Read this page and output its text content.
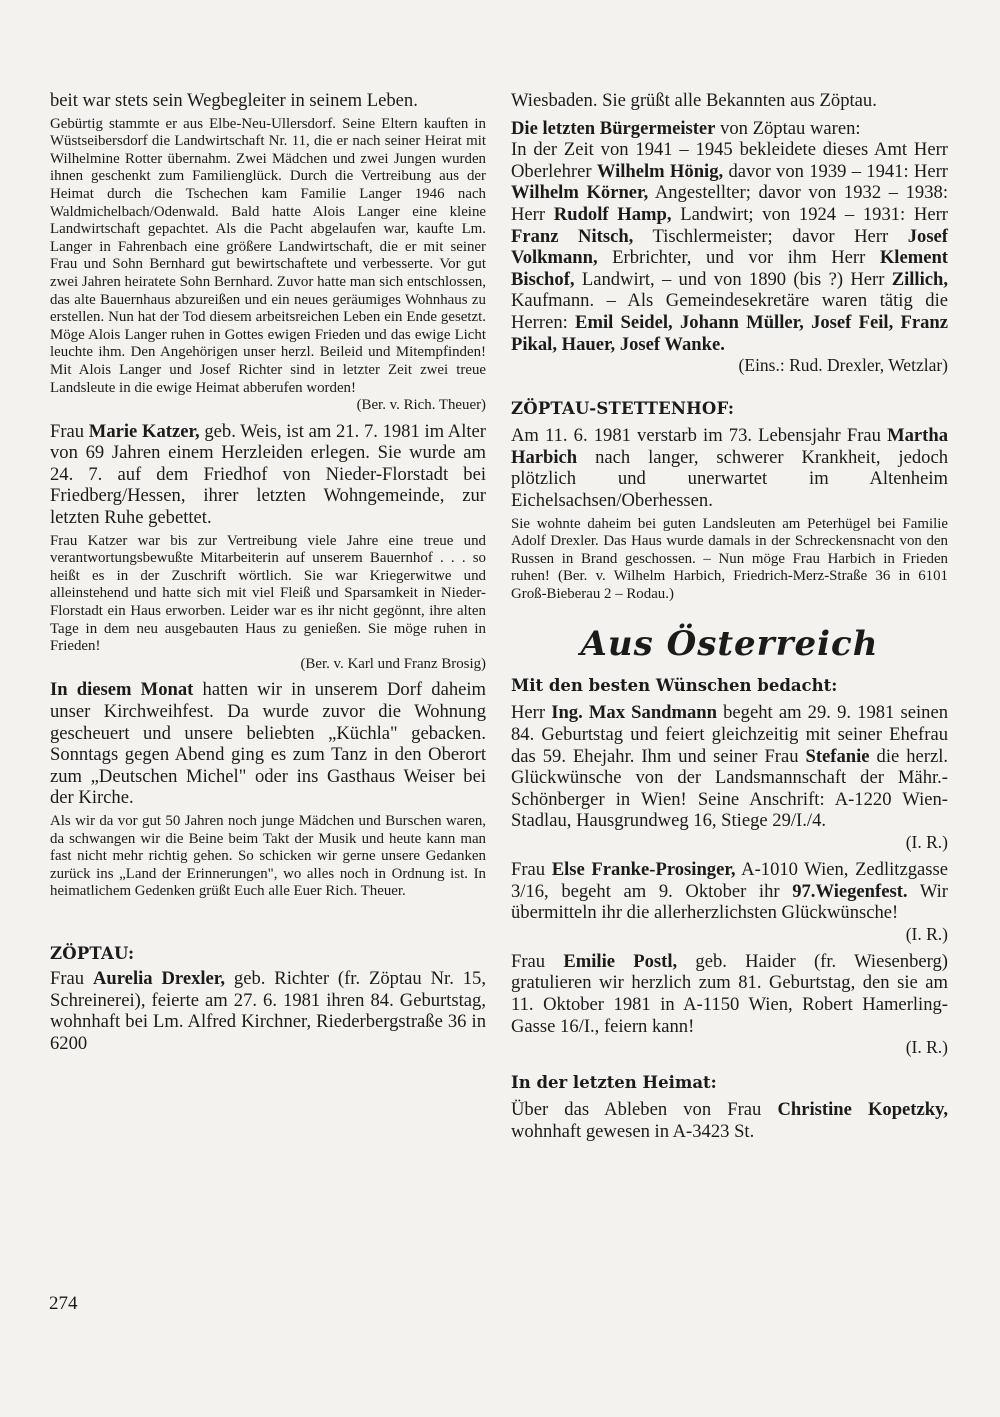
beit war stets sein Wegbegleiter in seinem Leben.

Gebürtig stammte er aus Elbe-Neu-Ullersdorf. Seine Eltern kauften in Wüstseibersdorf die Landwirtschaft Nr. 11, die er nach seiner Heirat mit Wilhelmine Rotter übernahm. Zwei Mädchen und zwei Jungen wurden ihnen geschenkt zum Familienglück. Durch die Vertreibung aus der Heimat durch die Tschechen kam Familie Langer 1946 nach Waldmichelbach/Odenwald. Bald hatte Alois Langer eine kleine Landwirtschaft gepachtet. Als die Pacht abgelaufen war, kaufte Lm. Langer in Fahrenbach eine größere Landwirtschaft, die er mit seiner Frau und Sohn Bernhard gut bewirtschaftete und verbesserte. Vor gut zwei Jahren heiratete Sohn Bernhard. Zuvor hatte man sich entschlossen, das alte Bauernhaus abzureißen und ein neues geräumiges Wohnhaus zu erstellen. Nun hat der Tod diesem arbeitsreichen Leben ein Ende gesetzt. Möge Alois Langer ruhen in Gottes ewigen Frieden und das ewige Licht leuchte ihm. Den Angehörigen unser herzl. Beileid und Mitempfinden! Mit Alois Langer und Josef Richter sind in letzter Zeit zwei treue Landsleute in die ewige Heimat abberufen worden!

(Ber. v. Rich. Theuer)

Frau Marie Katzer, geb. Weis, ist am 21. 7. 1981 im Alter von 69 Jahren einem Herzleiden erlegen. Sie wurde am 24. 7. auf dem Friedhof von Nieder-Florstadt bei Friedberg/Hessen, ihrer letzten Wohngemeinde, zur letzten Ruhe gebettet.

Frau Katzer war bis zur Vertreibung viele Jahre eine treue und verantwortungsbewußte Mitarbeiterin auf unserem Bauernhof . . . so heißt es in der Zuschrift wörtlich. Sie war Kriegerwitwe und alleinstehend und hatte sich mit viel Fleiß und Sparsamkeit in Nieder-Florstadt ein Haus erworben. Leider war es ihr nicht gegönnt, ihre alten Tage in dem neu ausgebauten Haus zu genießen. Sie möge ruhen in Frieden!

(Ber. v. Karl und Franz Brosig)

In diesem Monat hatten wir in unserem Dorf daheim unser Kirchweihfest. Da wurde zuvor die Wohnung gescheuert und unsere beliebten „Küchla" gebacken. Sonntags gegen Abend ging es zum Tanz in den Oberort zum „Deutschen Michel" oder ins Gasthaus Weiser bei der Kirche.

Als wir da vor gut 50 Jahren noch junge Mädchen und Burschen waren, da schwangen wir die Beine beim Takt der Musik und heute kann man fast nicht mehr richtig gehen. So schicken wir gerne unsere Gedanken zurück ins „Land der Erinnerungen", wo alles noch in Ordnung ist. In heimatlichem Gedenken grüßt Euch alle Euer Rich. Theuer.

ZÖPTAU:

Frau Aurelia Drexler, geb. Richter (fr. Zöptau Nr. 15, Schreinerei), feierte am 27. 6. 1981 ihren 84. Geburtstag, wohnhaft bei Lm. Alfred Kirchner, Riederbergstraße 36 in 6200

Wiesbaden. Sie grüßt alle Bekannten aus Zöptau.

Die letzten Bürgermeister von Zöptau waren:

In der Zeit von 1941 – 1945 bekleidete dieses Amt Herr Oberlehrer Wilhelm Hönig, davor von 1939 – 1941: Herr Wilhelm Körner, Angestellter; davor von 1932 – 1938: Herr Rudolf Hamp, Landwirt; von 1924 – 1931: Herr Franz Nitsch, Tischlermeister; davor Herr Josef Volkmann, Erbrichter, und vor ihm Herr Klement Bischof, Landwirt, – und von 1890 (bis ?) Herr Zillich, Kaufmann. – Als Gemeindesekretäre waren tätig die Herren: Emil Seidel, Johann Müller, Josef Feil, Franz Pikal, Hauer, Josef Wanke.

(Eins.: Rud. Drexler, Wetzlar)

ZÖPTAU-STETTENHOF:

Am 11. 6. 1981 verstarb im 73. Lebensjahr Frau Martha Harbich nach langer, schwerer Krankheit, jedoch plötzlich und unerwartet im Altenheim Eichelsachsen/Oberhessen.

Sie wohnte daheim bei guten Landsleuten am Peterhügel bei Familie Adolf Drexler. Das Haus wurde damals in der Schreckensnacht von den Russen in Brand geschossen. – Nun möge Frau Harbich in Frieden ruhen! (Ber. v. Wilhelm Harbich, Friedrich-Merz-Straße 36 in 6101 Groß-Bieberau 2 – Rodau.)

Aus Österreich

Mit den besten Wünschen bedacht:

Herr Ing. Max Sandmann begeht am 29. 9. 1981 seinen 84. Geburtstag und feiert gleichzeitig mit seiner Ehefrau das 59. Ehejahr. Ihm und seiner Frau Stefanie die herzl. Glückwünsche von der Landsmannschaft der Mähr.-Schönberger in Wien! Seine Anschrift: A-1220 Wien-Stadlau, Hausgrundweg 16, Stiege 29/I./4.

(I. R.)

Frau Else Franke-Prosinger, A-1010 Wien, Zedlitzgasse 3/16, begeht am 9. Oktober ihr 97.Wiegenfest. Wir übermitteln ihr die allerherzlichsten Glückwünsche!

(I. R.)

Frau Emilie Postl, geb. Haider (fr. Wiesenberg) gratulieren wir herzlich zum 81. Geburtstag, den sie am 11. Oktober 1981 in A-1150 Wien, Robert Hamerling-Gasse 16/I., feiern kann!

(I. R.)

In der letzten Heimat:

Über das Ableben von Frau Christine Kopetzky, wohnhaft gewesen in A-3423 St.

274
